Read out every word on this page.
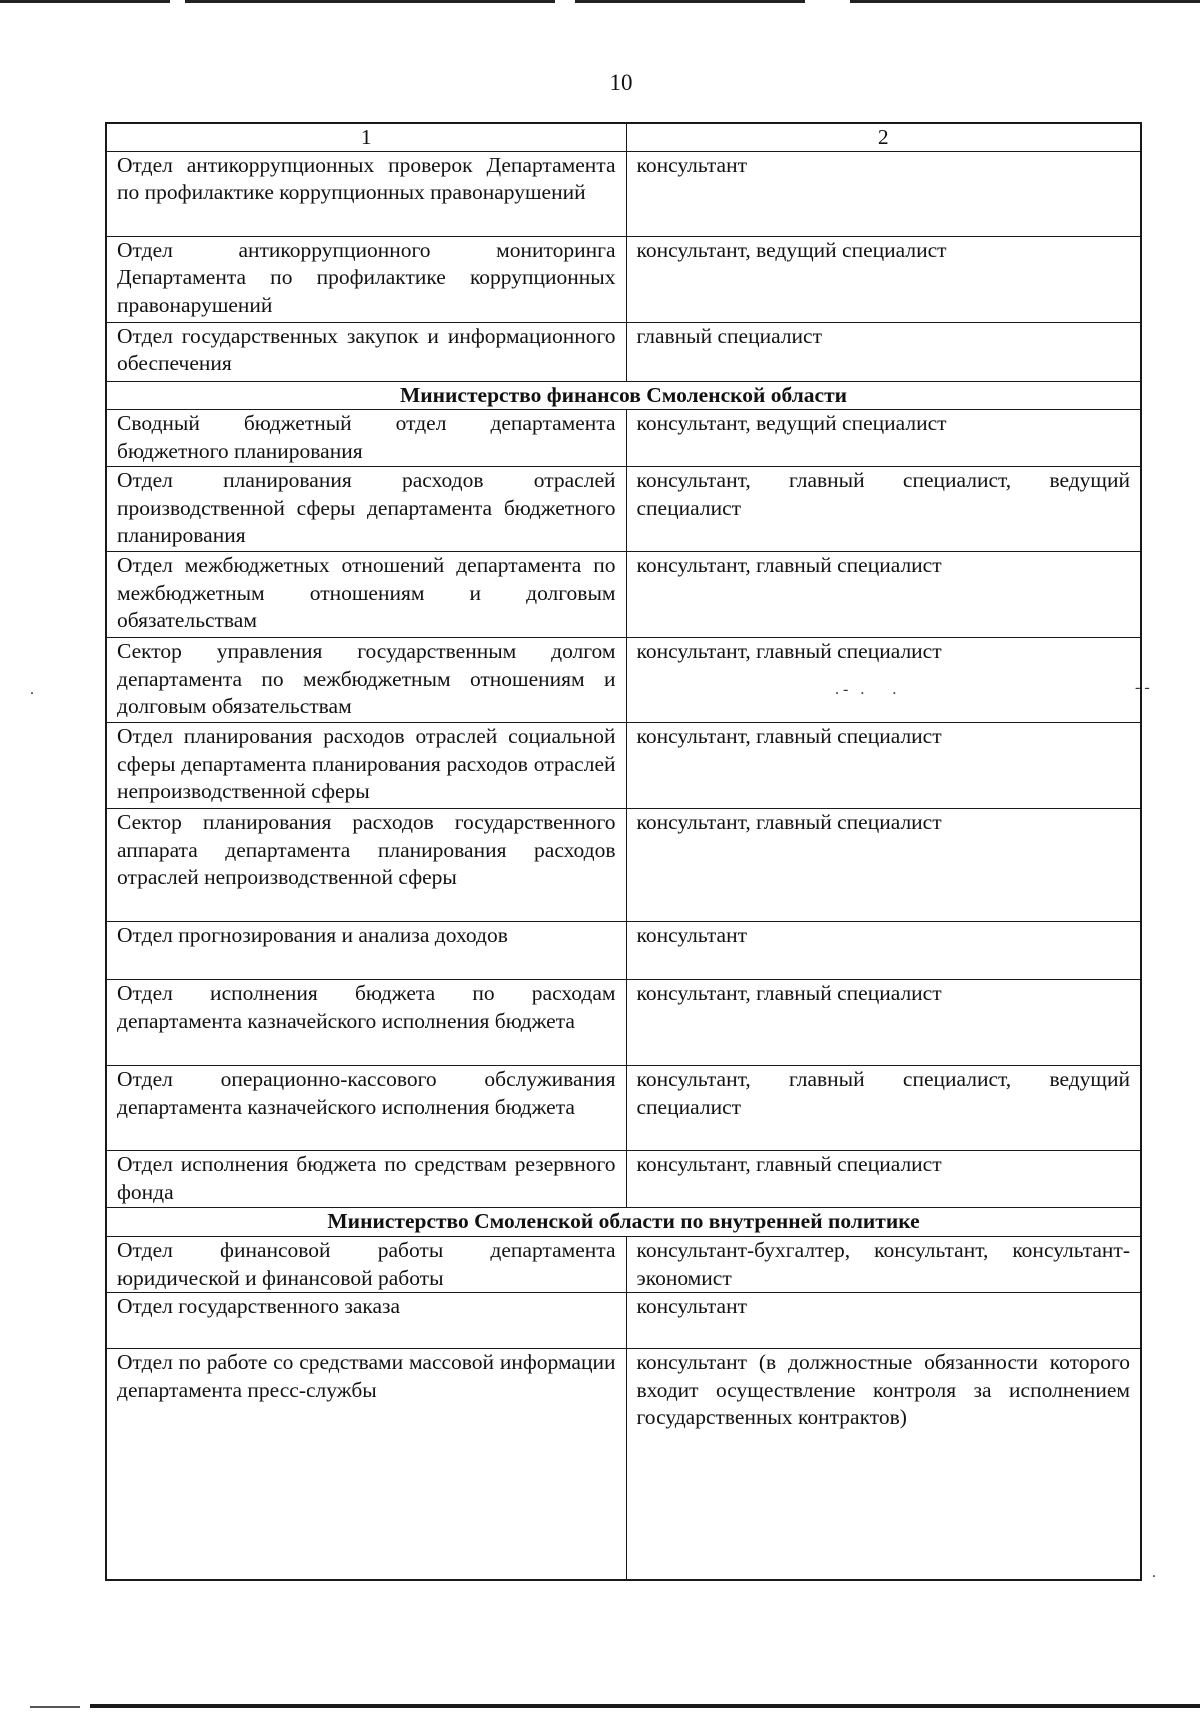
.	- -
.
. -   .       .
10
1	2
Отдел антикоррупционных проверок Департамента по профилактике коррупционных правонарушений	консультант
Отдел антикоррупционного мониторинга Департамента по профилактике коррупционных правонарушений	консультант, ведущий специалист
Отдел государственных закупок и информационного обеспечения	главный специалист
Министерство финансов Смоленской области	
Сводный бюджетный отдел департамента бюджетного планирования	консультант, ведущий специалист
Отдел планирования расходов отраслей производственной сферы департамента бюджетного планирования	консультант, главный специалист, ведущий специалист
Отдел межбюджетных отношений департамента по межбюджетным отношениям и долговым обязательствам	консультант, главный специалист
Сектор управления государственным долгом департамента по межбюджетным отношениям и долговым обязательствам	консультант, главный специалист
Отдел планирования расходов отраслей социальной сферы департамента планирования расходов отраслей непроизводственной сферы	консультант, главный специалист
Сектор планирования расходов государственного аппарата департамента планирования расходов отраслей непроизводственной сферы	консультант, главный специалист
Отдел прогнозирования и анализа доходов	консультант
Отдел исполнения бюджета по расходам департамента казначейского исполнения бюджета	консультант, главный специалист
Отдел операционно-кассового обслуживания департамента казначейского исполнения бюджета	консультант, главный специалист, ведущий специалист
Отдел исполнения бюджета по средствам резервного фонда	консультант, главный специалист
Министерство Смоленской области по внутренней политике	
Отдел финансовой работы департамента юридической и финансовой работы	консультант-бухгалтер, консультант, консультант-экономист
Отдел государственного заказа	консультант
Отдел по работе со средствами массовой информации департамента пресс-службы	консультант (в должностные обязанности которого входит осуществление контроля за исполнением государственных контрактов)
